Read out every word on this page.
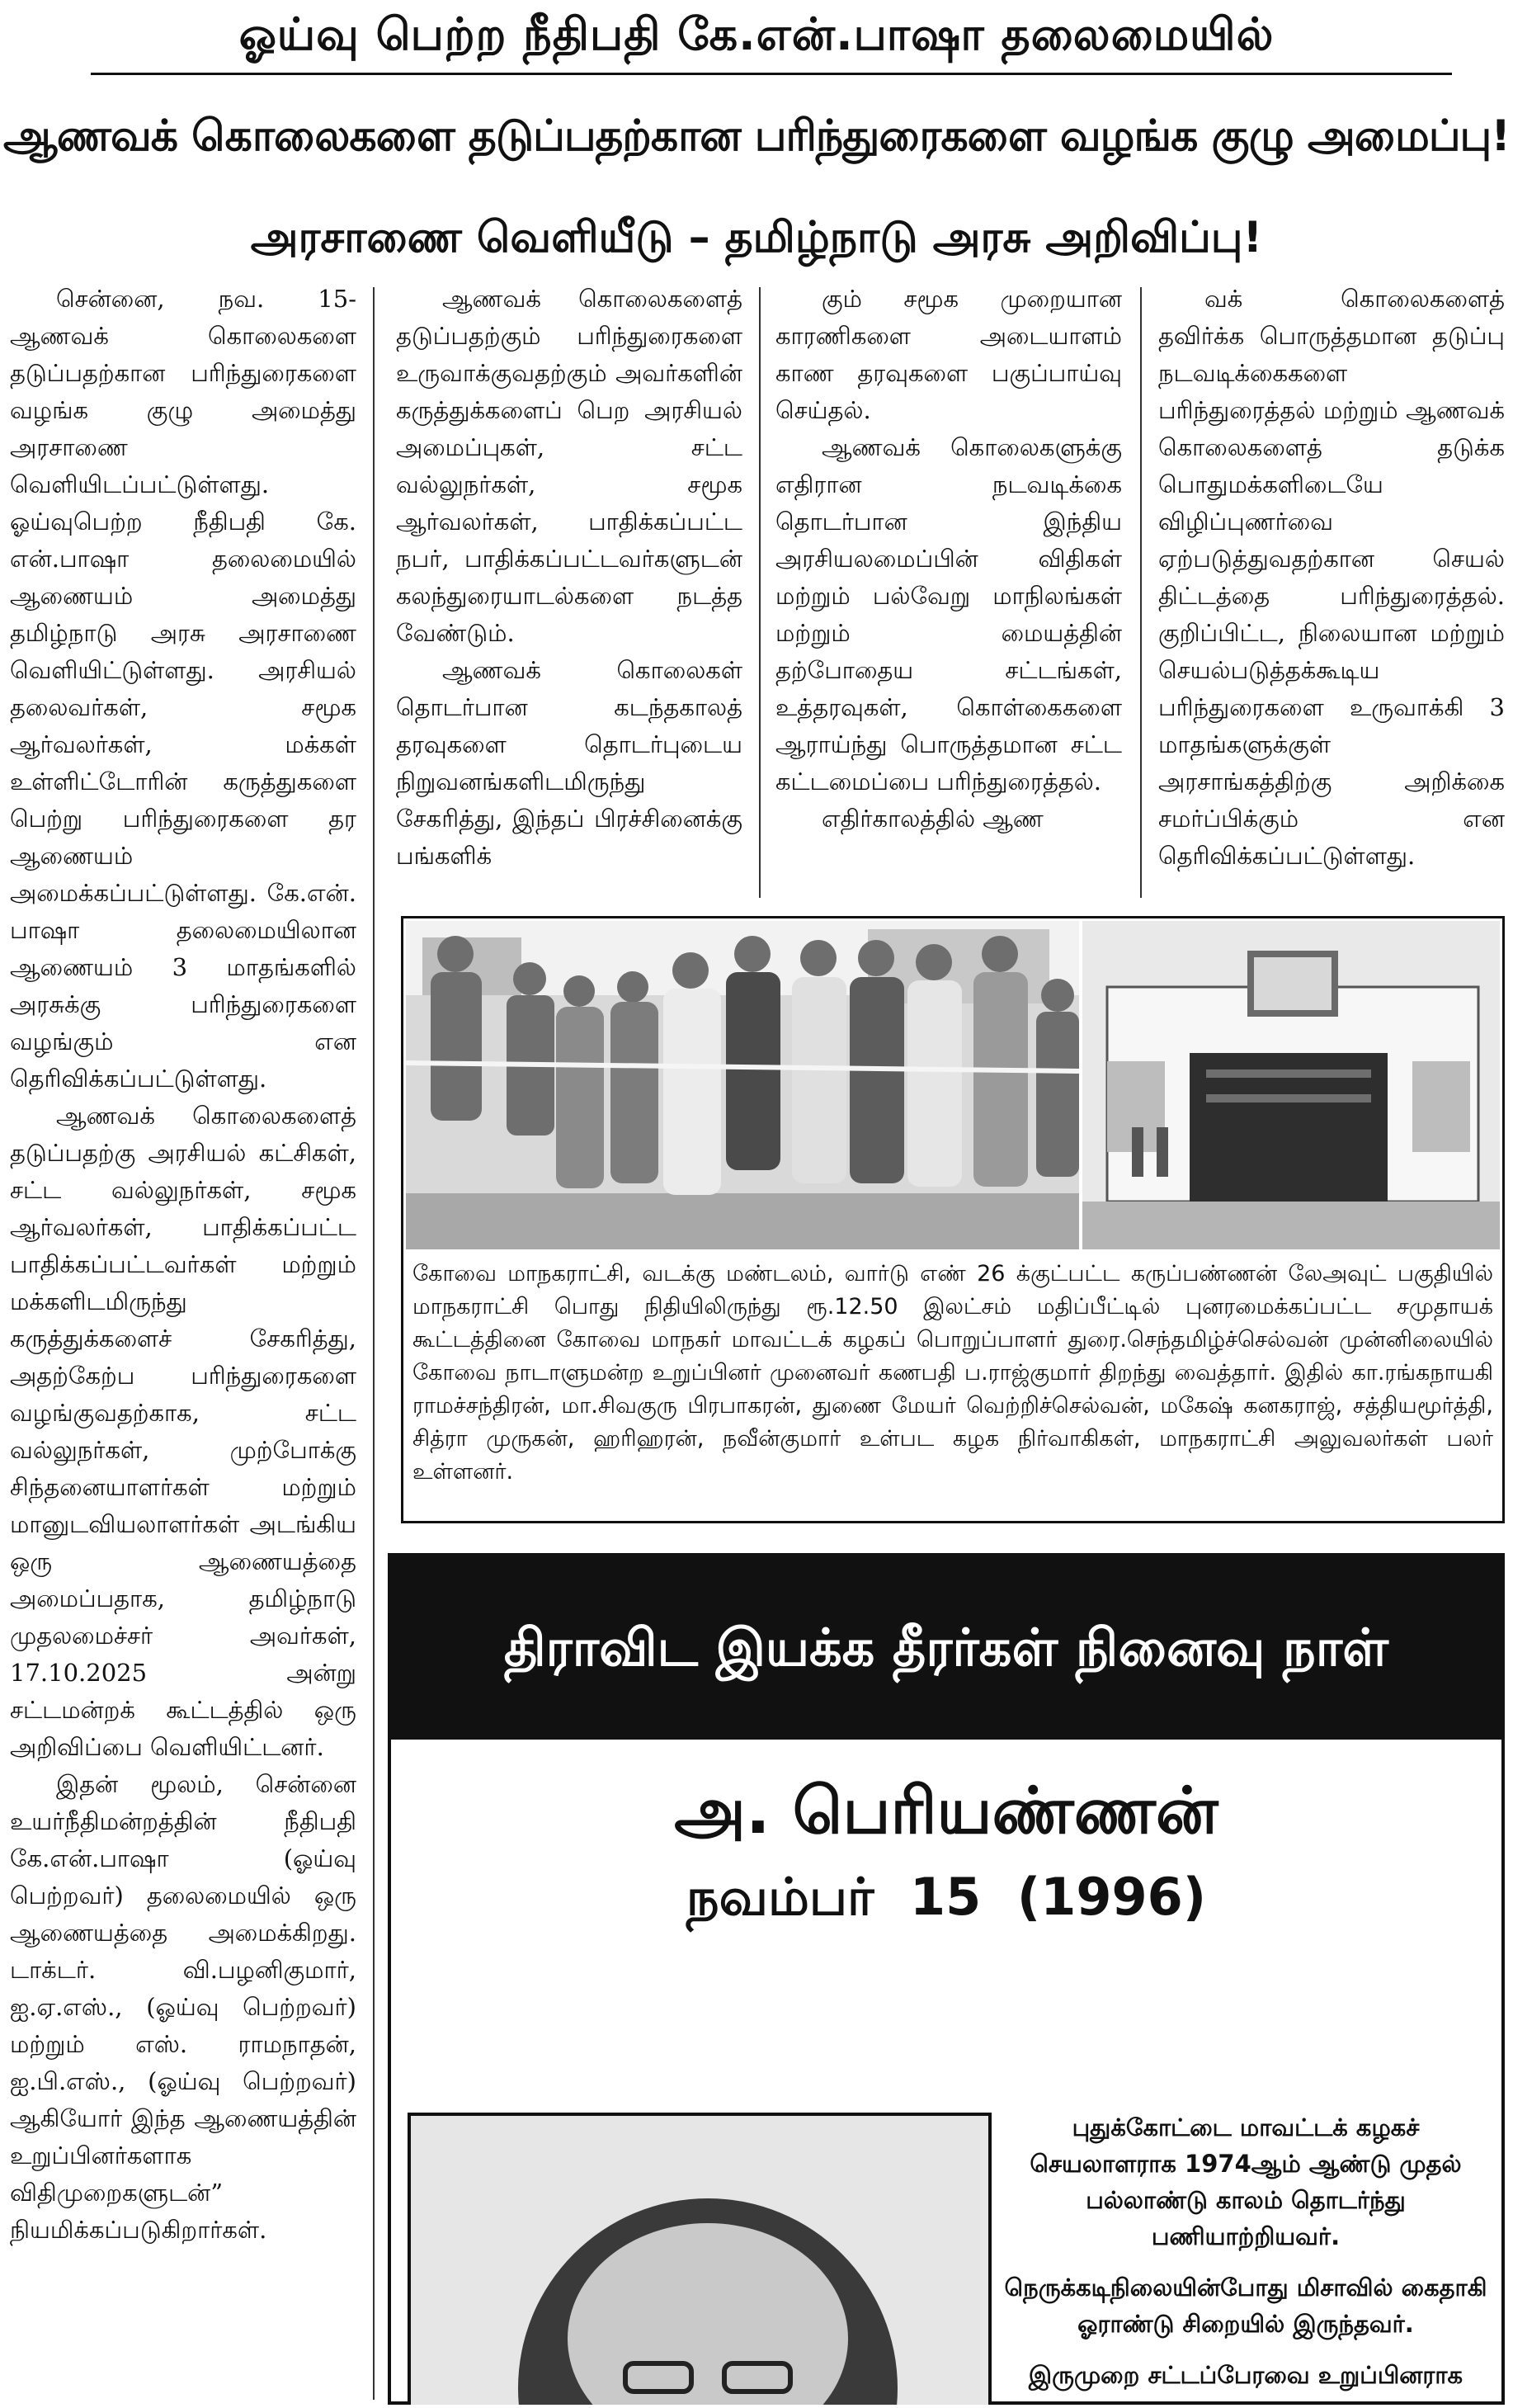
ஓய்வு பெற்ற நீதிபதி கே.என்.பாஷா தலைமையில்
ஆணவக் கொலைகளை தடுப்பதற்கான பரிந்துரைகளை வழங்க குழு அமைப்பு!
அரசாணை வெளியீடு – தமிழ்நாடு அரசு அறிவிப்பு!

சென்னை, நவ. 15- ஆணவக் கொலைகளை தடுப்பதற்கான பரிந்துரைகளை வழங்க குழு அமைத்து அரசாணை வெளியிடப்பட்டுள்ளது. ஓய்வுபெற்ற நீதிபதி கே. என்.பாஷா தலைமையில் ஆணையம் அமைத்து தமிழ்நாடு அரசு அரசாணை வெளியிட்டுள்ளது. அரசியல் தலைவர்கள், சமூக ஆர்வலர்கள், மக்கள் உள்ளிட்டோரின் கருத்துகளை பெற்று பரிந்துரைகளை தர ஆணையம் அமைக்கப்பட்டுள்ளது. கே.என். பாஷா தலைமையிலான ஆணையம் 3 மாதங்களில் அரசுக்கு பரிந்துரைகளை வழங்கும் என தெரிவிக்கப்பட்டுள்ளது.

ஆணவக் கொலைகளைத் தடுப்பதற்கு அரசியல் கட்சிகள், சட்ட வல்லுநர்கள், சமூக ஆர்வலர்கள், பாதிக்கப்பட்ட பாதிக்கப்பட்டவர்கள் மற்றும் மக்களிடமிருந்து கருத்துக்களைச் சேகரித்து, அதற்கேற்ப பரிந்துரைகளை வழங்குவதற்காக, சட்ட வல்லுநர்கள், முற்போக்கு சிந்தனையாளர்கள் மற்றும் மானுடவியலாளர்கள் அடங்கிய ஒரு ஆணையத்தை அமைப்பதாக, தமிழ்நாடு முதலமைச்சர் அவர்கள், 17.10.2025 அன்று சட்டமன்றக் கூட்டத்தில் ஒரு அறிவிப்பை வெளியிட்டனர்.

இதன் மூலம், சென்னை உயர்நீதிமன்றத்தின் நீதிபதி கே.என்.பாஷா (ஓய்வு பெற்றவர்) தலைமையில் ஒரு ஆணையத்தை அமைக்கிறது. டாக்டர். வி.பழனிகுமார், ஐ.ஏ.எஸ்., (ஓய்வு பெற்றவர்) மற்றும் எஸ். ராமநாதன், ஐ.பி.எஸ்., (ஓய்வு பெற்றவர்) ஆகியோர் இந்த ஆணையத்தின் உறுப்பினர்களாக விதிமுறைகளுடன்” நியமிக்கப்படுகிறார்கள்.

ஆணவக் கொலைகளைத் தடுப்பதற்கும் பரிந்துரைகளை உருவாக்குவதற்கும் அவர்களின் கருத்துக்களைப் பெற அரசியல் அமைப்புகள், சட்ட வல்லுநர்கள், சமூக ஆர்வலர்கள், பாதிக்கப்பட்ட நபர், பாதிக்கப்பட்டவர்களுடன் கலந்துரையாடல்களை நடத்த வேண்டும்.

ஆணவக் கொலைகள் தொடர்பான கடந்தகாலத் தரவுகளை தொடர்புடைய நிறுவனங்களிடமிருந்து சேகரித்து, இந்தப் பிரச்சினைக்கு பங்களிக்

கும் சமூக முறையான காரணிகளை அடையாளம் காண தரவுகளை பகுப்பாய்வு செய்தல்.

ஆணவக் கொலைகளுக்கு எதிரான நடவடிக்கை தொடர்பான இந்திய அரசியலமைப்பின் விதிகள் மற்றும் பல்வேறு மாநிலங்கள் மற்றும் மையத்தின் தற்போதைய சட்டங்கள், உத்தரவுகள், கொள்கைகளை ஆராய்ந்து பொருத்தமான சட்ட கட்டமைப்பை பரிந்துரைத்தல்.

எதிர்காலத்தில் ஆண

வக் கொலைகளைத் தவிர்க்க பொருத்தமான தடுப்பு நடவடிக்கைகளை பரிந்துரைத்தல் மற்றும் ஆணவக் கொலைகளைத் தடுக்க பொதுமக்களிடையே விழிப்புணர்வை ஏற்படுத்துவதற்கான செயல் திட்டத்தை பரிந்துரைத்தல். குறிப்பிட்ட, நிலையான மற்றும் செயல்படுத்தக்கூடிய பரிந்துரைகளை உருவாக்கி 3 மாதங்களுக்குள் அரசாங்கத்திற்கு அறிக்கை சமர்ப்பிக்கும் என தெரிவிக்கப்பட்டுள்ளது.

கோவை மாநகராட்சி, வடக்கு மண்டலம், வார்டு எண் 26 க்குட்பட்ட கருப்பண்ணன் லேஅவுட் பகுதியில் மாநகராட்சி பொது நிதியிலிருந்து ரூ.12.50 இலட்சம் மதிப்பீட்டில் புனரமைக்கப்பட்ட சமுதாயக் கூட்டத்தினை கோவை மாநகர் மாவட்டக் கழகப் பொறுப்பாளர் துரை.செந்தமிழ்ச்செல்வன் முன்னிலையில் கோவை நாடாளுமன்ற உறுப்பினர் முனைவர் கணபதி ப.ராஜ்குமார் திறந்து வைத்தார். இதில் கா.ரங்கநாயகி ராமச்சந்திரன், மா.சிவகுரு பிரபாகரன், துணை மேயர் வெற்றிச்செல்வன், மகேஷ் கனகராஜ், சத்தியமூர்த்தி, சித்ரா முருகன், ஹரிஹரன், நவீன்குமார் உள்பட கழக நிர்வாகிகள், மாநகராட்சி அலுவலர்கள் பலர் உள்ளனர்.
திராவிட இயக்க தீரர்கள் நினைவு நாள்
அ. பெரியண்ணன்
நவம்பர் 15 (1996)

புதுக்கோட்டை மாவட்டக் கழகச் செயலாளராக 1974ஆம் ஆண்டு முதல் பல்லாண்டு காலம் தொடர்ந்து பணியாற்றியவர்.

நெருக்கடிநிலையின்போது மிசாவில் கைதாகி ஓராண்டு சிறையில் இருந்தவர்.

இருமுறை சட்டப்பேரவை உறுப்பினராக
